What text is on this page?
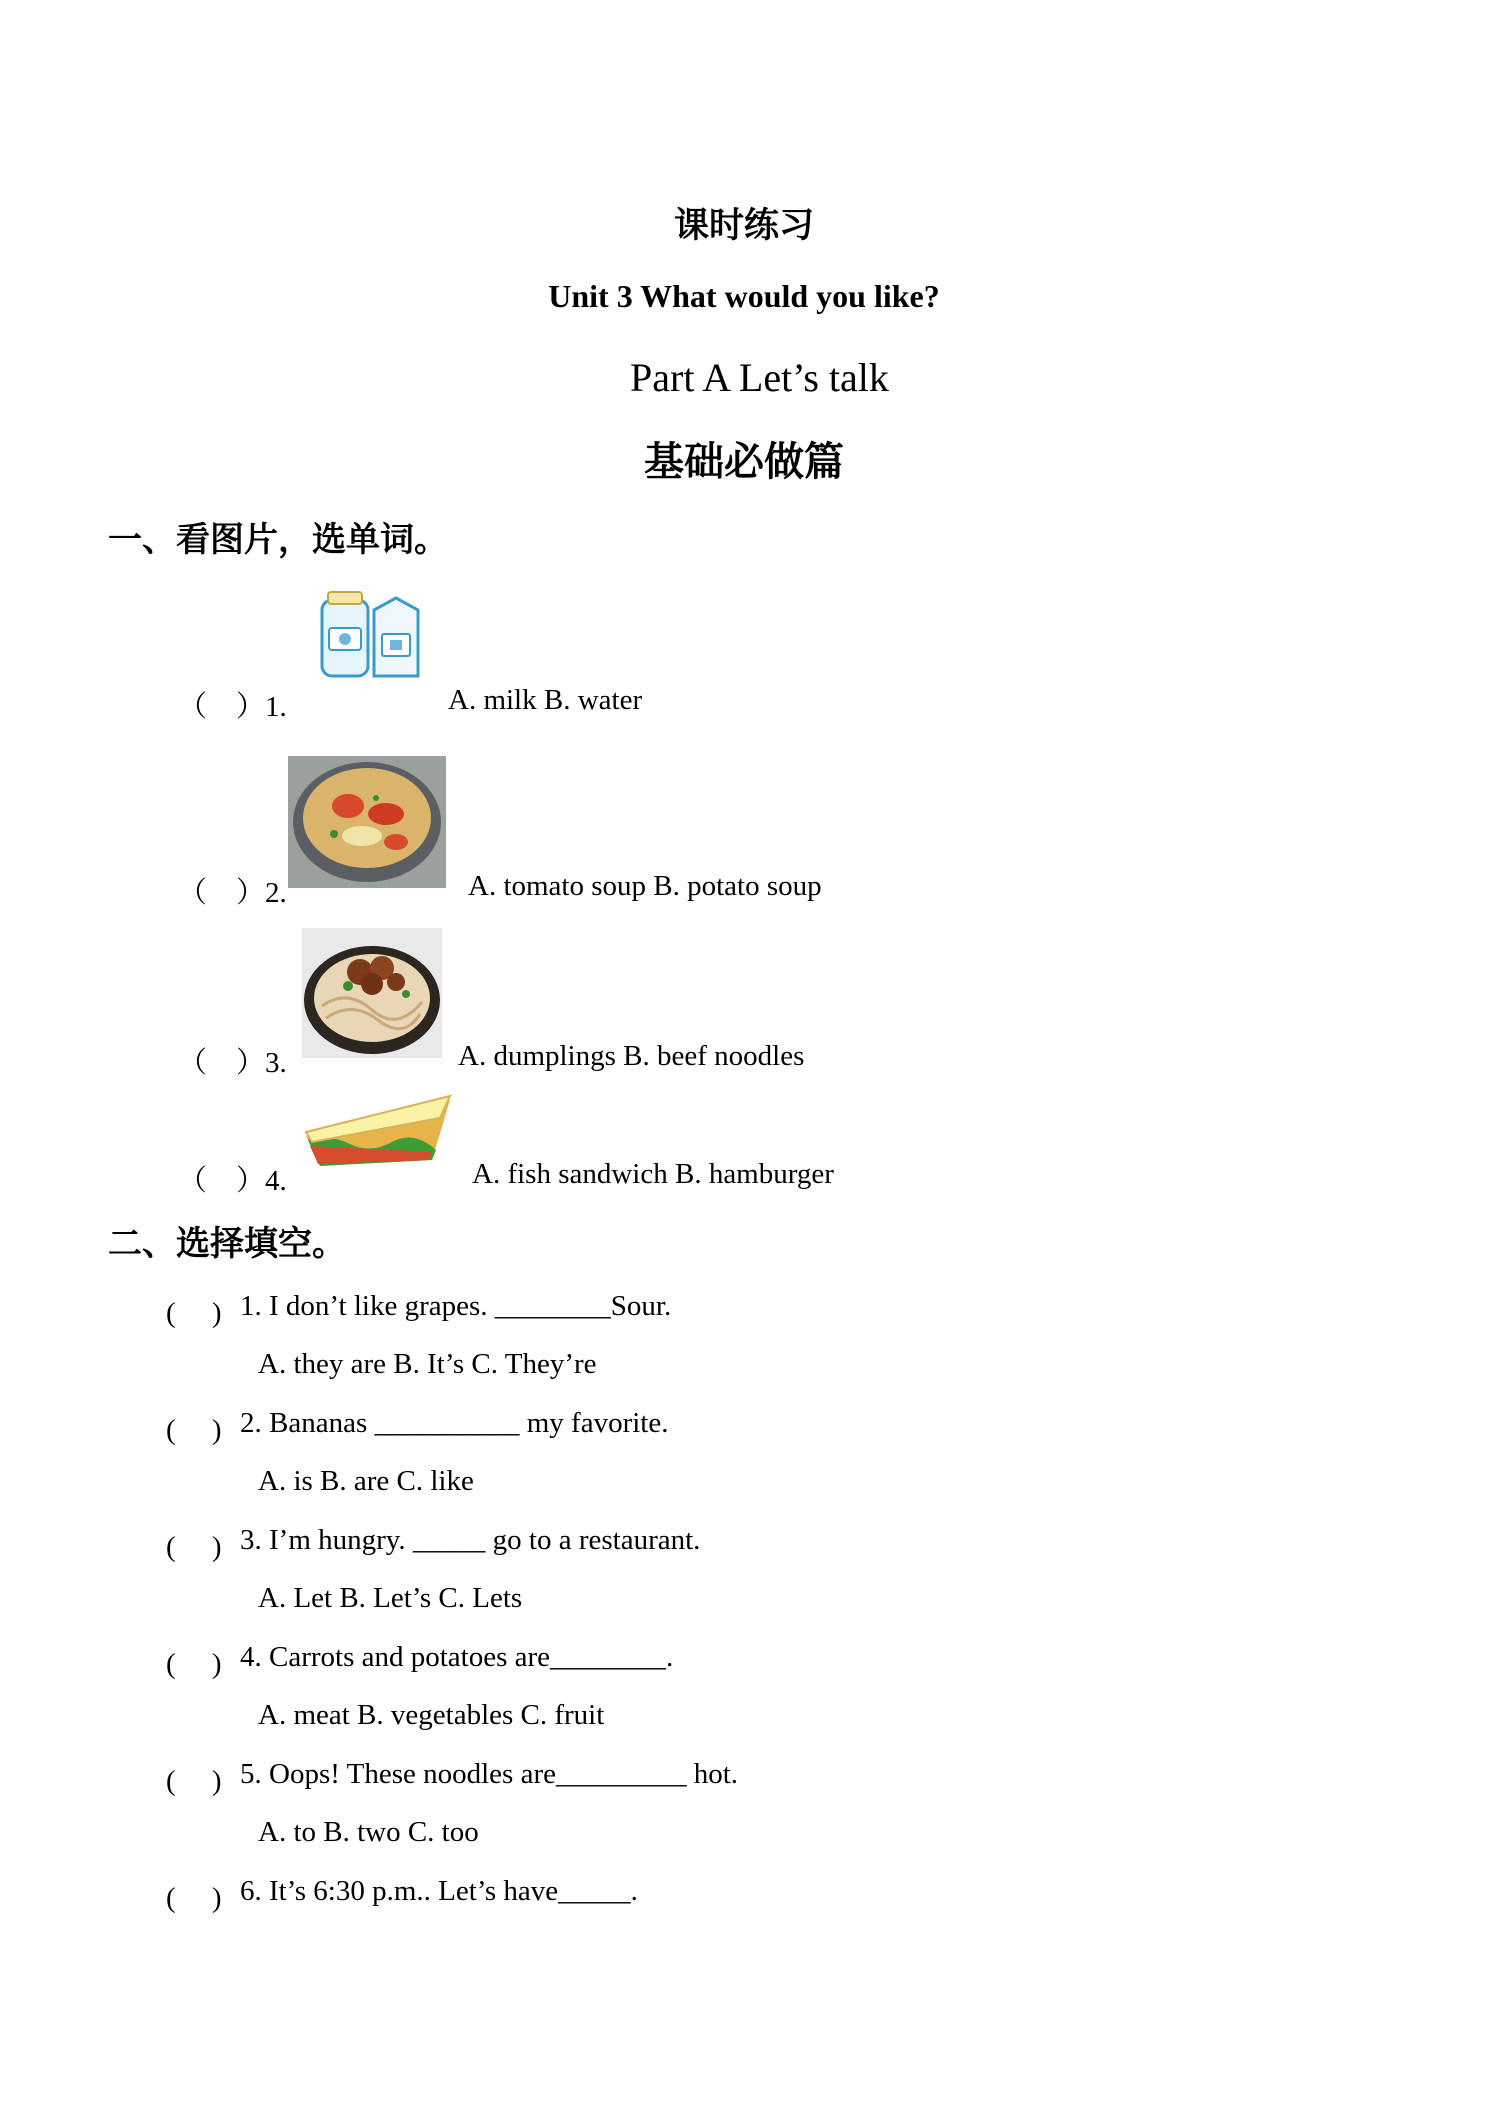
课时练习
Unit 3 What would you like?
Part A Let’s talk
基础必做篇
一、看图片，选单词。
（　）1.	A. milk B. water
（　）2.	A. tomato soup B. potato soup
（　）3.	A. dumplings B. beef noodles
（　）4.	A. fish sandwich B. hamburger
二、选择填空。
(　 ) 1. I don’t like grapes. ________Sour.
A. they are B. It’s C. They’re
(　 ) 2. Bananas __________ my favorite.
A. is B. are C. like
(　 ) 3. I’m hungry. _____ go to a restaurant.
A. Let B. Let’s C. Lets
(　 ) 4. Carrots and potatoes are________.
A. meat B. vegetables C. fruit
(　 ) 5. Oops! These noodles are_________ hot.
A. to B. two C. too
(　 ) 6. It’s 6:30 p.m.. Let’s have_____.
